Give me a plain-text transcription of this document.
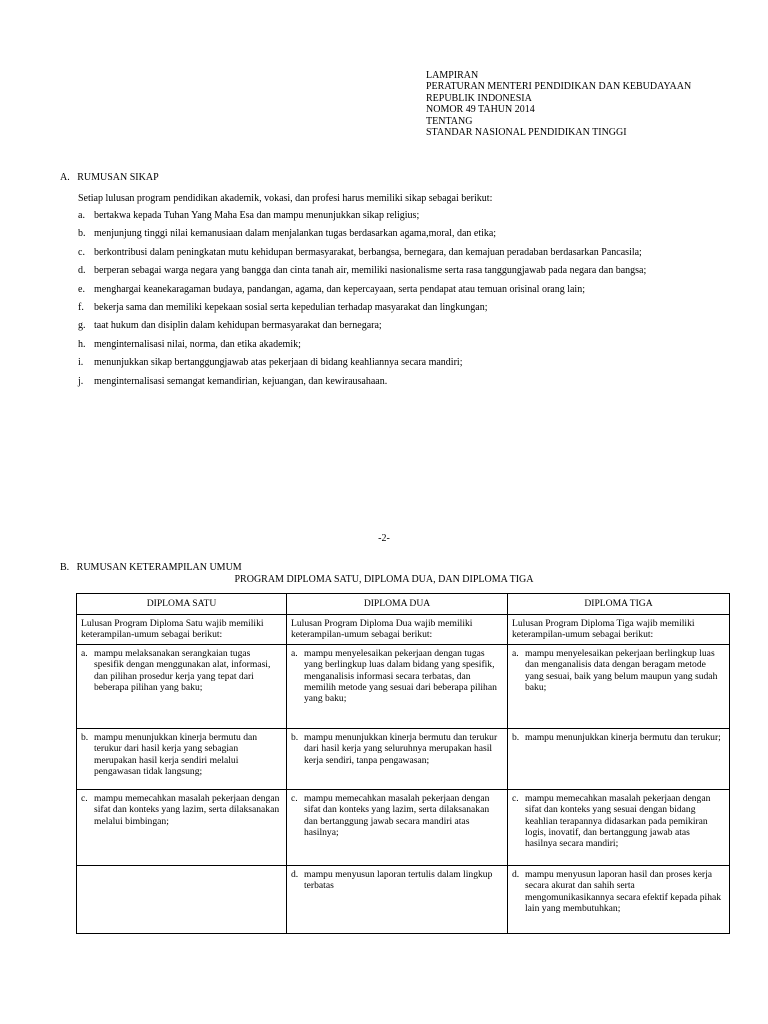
LAMPIRAN
PERATURAN MENTERI PENDIDIKAN DAN KEBUDAYAAN
REPUBLIK INDONESIA
NOMOR 49 TAHUN 2014
TENTANG
STANDAR NASIONAL PENDIDIKAN TINGGI
A.   RUMUSAN SIKAP
Setiap lulusan program pendidikan akademik, vokasi, dan profesi harus memiliki sikap sebagai berikut:
a. bertakwa kepada Tuhan Yang Maha Esa dan mampu menunjukkan sikap religius;
b. menjunjung tinggi nilai kemanusiaan dalam menjalankan tugas berdasarkan agama,moral, dan etika;
c. berkontribusi dalam peningkatan mutu kehidupan bermasyarakat, berbangsa, bernegara, dan kemajuan peradaban berdasarkan Pancasila;
d. berperan sebagai warga negara yang bangga dan cinta tanah air, memiliki nasionalisme serta rasa tanggungjawab pada negara dan bangsa;
e. menghargai keanekaragaman budaya, pandangan, agama, dan kepercayaan, serta pendapat atau temuan orisinal orang lain;
f.	bekerja sama dan memiliki kepekaan sosial serta kepedulian terhadap masyarakat dan lingkungan;
g. taat hukum dan disiplin dalam kehidupan bermasyarakat dan bernegara;
h. menginternalisasi nilai, norma, dan etika akademik;
i.	menunjukkan sikap bertanggungjawab atas pekerjaan di bidang keahliannya secara mandiri;
j.	menginternalisasi semangat kemandirian, kejuangan, dan kewirausahaan.
-2-
B.   RUMUSAN KETERAMPILAN UMUM
PROGRAM DIPLOMA SATU, DIPLOMA DUA, DAN DIPLOMA TIGA
DIPLOMA SATU	DIPLOMA DUA	DIPLOMA TIGA

Lulusan Program Diploma Satu wajib memiliki keterampilan-umum sebagai berikut:	Lulusan Program Diploma Dua wajib memiliki keterampilan-umum sebagai berikut:	Lulusan Program Diploma Tiga wajib memiliki keterampilan-umum sebagai berikut:

a. mampu melaksanakan serangkaian tugas spesifik dengan menggunakan alat, informasi, dan pilihan prosedur kerja yang tepat dari beberapa pilihan yang baku;	a. mampu menyelesaikan pekerjaan dengan tugas yang berlingkup luas dalam bidang yang spesifik, menganalisis informasi secara terbatas, dan memilih metode yang sesuai dari beberapa pilihan yang baku;	a. mampu menyelesaikan pekerjaan berlingkup luas dan menganalisis data dengan beragam metode yang sesuai, baik yang belum maupun yang sudah baku;

b. mampu menunjukkan kinerja bermutu dan terukur dari hasil kerja yang sebagian merupakan hasil kerja sendiri melalui pengawasan tidak langsung;	b. mampu menunjukkan kinerja bermutu dan terukur dari hasil kerja yang seluruhnya merupakan hasil kerja sendiri, tanpa pengawasan;	b. mampu menunjukkan kinerja bermutu dan terukur;

c. mampu memecahkan masalah pekerjaan dengan sifat dan konteks yang lazim, serta dilaksanakan melalui bimbingan;	c. mampu memecahkan masalah pekerjaan dengan sifat dan konteks yang lazim, serta dilaksanakan dan bertanggung jawab secara mandiri atas hasilnya;	c. mampu memecahkan masalah pekerjaan dengan sifat dan konteks yang sesuai dengan bidang keahlian terapannya didasarkan pada pemikiran logis, inovatif, dan bertanggung jawab atas hasilnya secara mandiri;

	d. mampu menyusun laporan tertulis dalam lingkup terbatas	d. mampu menyusun laporan hasil dan proses kerja secara akurat dan sahih serta mengomunikasikannya secara efektif kepada pihak lain yang membutuhkan;
